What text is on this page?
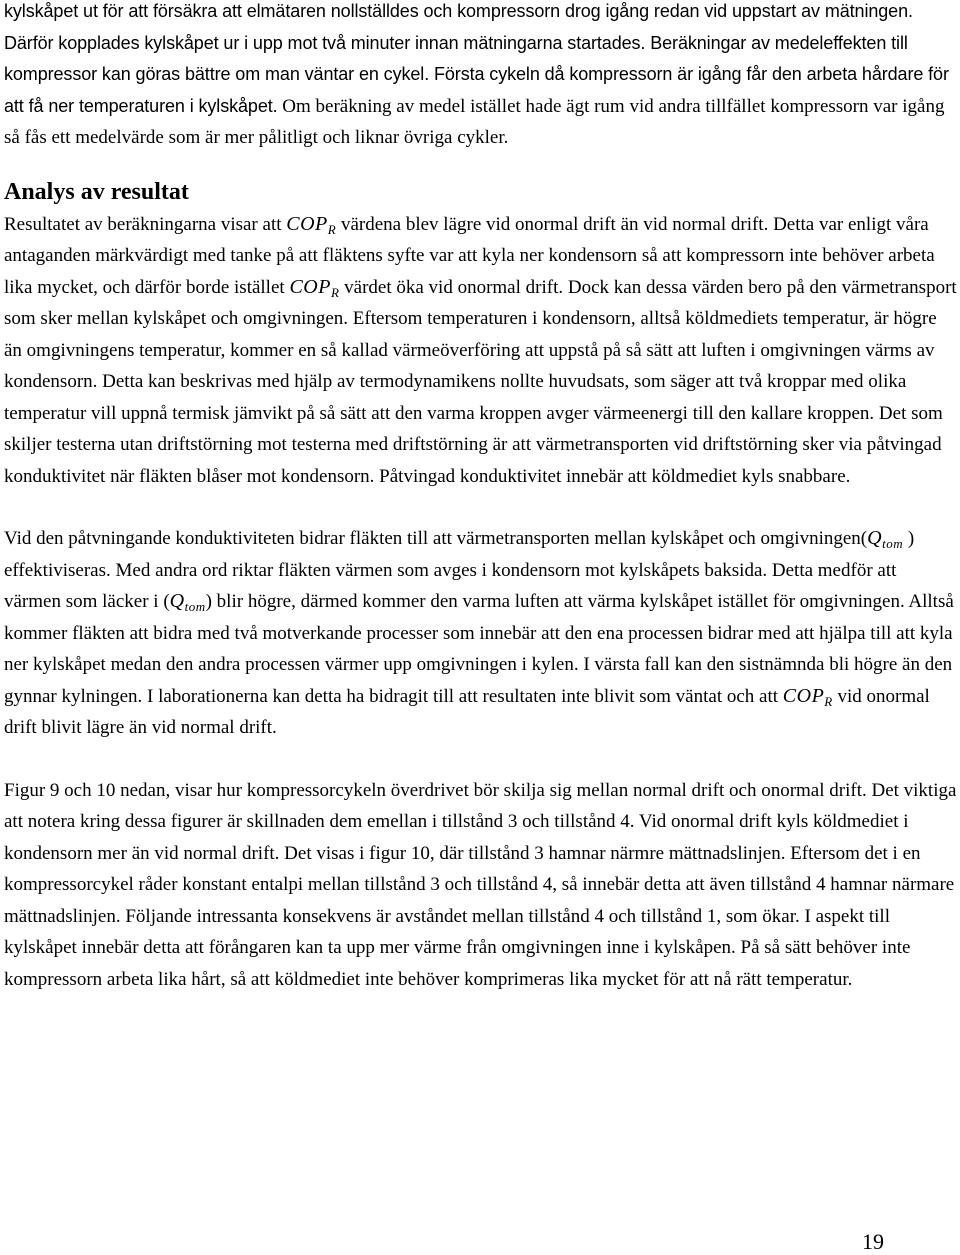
kylskåpet ut för att försäkra att elmätaren nollställdes och kompressorn drog igång redan vid uppstart av mätningen. Därför kopplades kylskåpet ur i upp mot två minuter innan mätningarna startades. Beräkningar av medeleffekten till kompressor kan göras bättre om man väntar en cykel. Första cykeln då kompressorn är igång får den arbeta hårdare för att få ner temperaturen i kylskåpet. Om beräkning av medel istället hade ägt rum vid andra tillfället kompressorn var igång så fås ett medelvärde som är mer pålitligt och liknar övriga cykler.

Analys av resultat

Resultatet av beräkningarna visar att $COP_R$ värdena blev lägre vid onormal drift än vid normal drift. Detta var enligt våra antaganden märkvärdigt med tanke på att fläktens syfte var att kyla ner kondensorn så att kompressorn inte behöver arbeta lika mycket, och därför borde istället $COP_R$ värdet öka vid onormal drift. Dock kan dessa värden bero på den värmetransport som sker mellan kylskåpet och omgivningen. Eftersom temperaturen i kondensorn, alltså köldmediets temperatur, är högre än omgivningens temperatur, kommer en så kallad värmeöverföring att uppstå på så sätt att luften i omgivningen värms av kondensorn. Detta kan beskrivas med hjälp av termodynamikens nollte huvudsats, som säger att två kroppar med olika temperatur vill uppnå termisk jämvikt på så sätt att den varma kroppen avger värmeenergi till den kallare kroppen. Det som skiljer testerna utan driftstörning mot testerna med driftstörning är att värmetransporten vid driftstörning sker via påtvingad konduktivitet när fläkten blåser mot kondensorn. Påtvingad konduktivitet innebär att köldmediet kyls snabbare.

Vid den påtvningande konduktiviteten bidrar fläkten till att värmetransporten mellan kylskåpet och $omgivningen(Q_{tom}$ ) effektiviseras. Med andra ord riktar fläkten värmen som avges i kondensorn mot kylskåpets baksida. Detta medför att värmen som läcker i $(Q_{tom})$ blir högre, därmed kommer den varma luften att värma kylskåpet istället för omgivningen. Alltså kommer fläkten att bidra med två motverkande processer som innebär att den ena processen bidrar med att hjälpa till att kyla ner kylskåpet medan den andra processen värmer upp omgivningen i kylen. I värsta fall kan den sistnämnda bli högre än den gynnar kylningen. I laborationerna kan detta ha bidragit till att resultaten inte blivit som väntat och att $COP_R$ vid onormal drift blivit lägre än vid normal drift.

Figur 9 och 10 nedan, visar hur kompressorcykeln överdrivet bör skilja sig mellan normal drift och onormal drift. Det viktiga att notera kring dessa figurer är skillnaden dem emellan i tillstånd 3 och tillstånd 4. Vid onormal drift kyls köldmediet i kondensorn mer än vid normal drift. Det visas i figur 10, där tillstånd 3 hamnar närmre mättnadslinjen. Eftersom det i en kompressorcykel råder konstant entalpi mellan tillstånd 3 och tillstånd 4, så innebär detta att även tillstånd 4 hamnar närmare mättnadslinjen. Följande intressanta konsekvens är avståndet mellan tillstånd 4 och tillstånd 1, som ökar. I aspekt till kylskåpet innebär detta att förångaren kan ta upp mer värme från omgivningen inne i kylskåpen. På så sätt behöver inte kompressorn arbeta lika hårt, så att köldmediet inte behöver komprimeras lika mycket för att nå rätt temperatur.

19
